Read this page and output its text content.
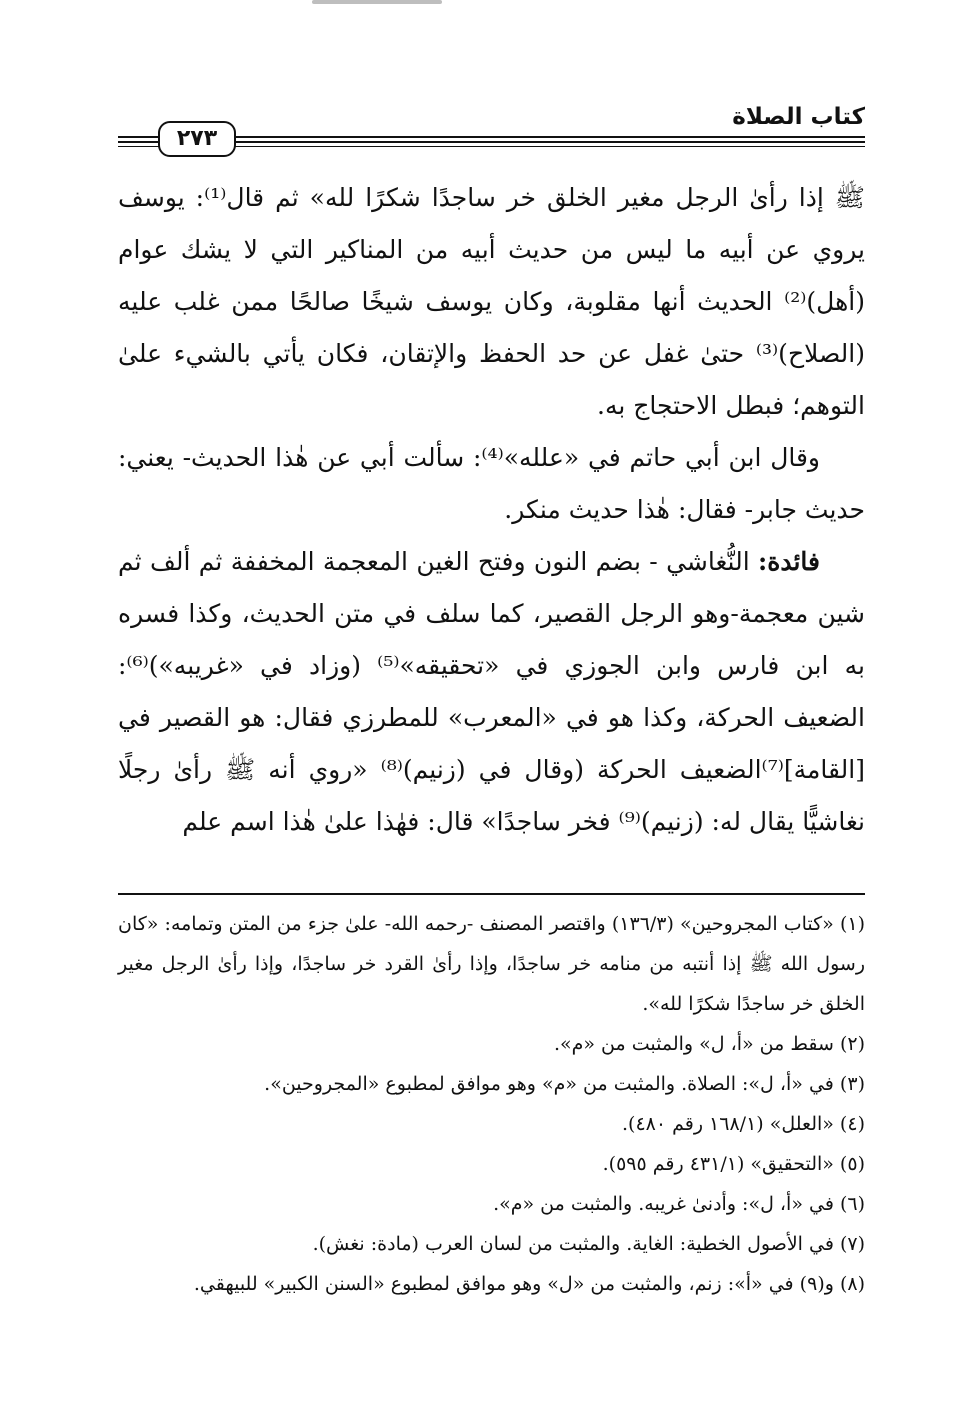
كتاب الصلاة
٢٧٣

ﷺ إذا رأىٰ الرجل مغير الخلق خر ساجدًا شكرًا لله» ثم قال⁽¹⁾: يوسف يروي عن أبيه ما ليس من حديث أبيه من المناكير التي لا يشك عوام (أهل)⁽²⁾ الحديث أنها مقلوبة، وكان يوسف شيخًا صالحًا ممن غلب عليه (الصلاح)⁽³⁾ حتىٰ غفل عن حد الحفظ والإتقان، فكان يأتي بالشيء علىٰ التوهم؛ فبطل الاحتجاج به.

وقال ابن أبي حاتم في «علله»⁽⁴⁾: سألت أبي عن هٰذا الحديث- يعني: حديث جابر- فقال: هٰذا حديث منكر.

فائدة: النُّغاشي - بضم النون وفتح الغين المعجمة المخففة ثم ألف ثم شين معجمة-وهو الرجل القصير، كما سلف في متن الحديث، وكذا فسره به ابن فارس وابن الجوزي في «تحقيقه»⁽⁵⁾ (وزاد في «غريبه»)⁽⁶⁾: الضعيف الحركة، وكذا هو في «المعرب» للمطرزي فقال: هو القصير في [القامة]⁽⁷⁾الضعيف الحركة (وقال في (زنيم)⁽⁸⁾ «روي أنه ﷺ رأىٰ رجلًا نغاشيًّا يقال له: (زنيم)⁽⁹⁾ فخر ساجدًا» قال: فهٰذا علىٰ هٰذا اسم علم

(١) «كتاب المجروحين» (١٣٦/٣) واقتصر المصنف -رحمه الله- علىٰ جزء من المتن وتمامه: «كان رسول الله ﷺ إذا أنتبه من منامه خر ساجدًا، وإذا رأىٰ القرد خر ساجدًا، وإذا رأىٰ الرجل مغير الخلق خر ساجدًا شكرًا لله».

(٢) سقط من «أ، ل» والمثبت من «م».

(٣) في «أ، ل»: الصلاة. والمثبت من «م» وهو موافق لمطبوع «المجروحين».

(٤) «العلل» (١٦٨/١ رقم ٤٨٠).

(٥) «التحقيق» (٤٣١/١ رقم ٥٩٥).

(٦) في «أ، ل»: وأدنىٰ غريبه. والمثبت من «م».

(٧) في الأصول الخطية: الغاية. والمثبت من لسان العرب (مادة: نغش).

(٨) و(٩) في «أ»: زنم، والمثبت من «ل» وهو موافق لمطبوع «السنن الكبير» للبيهقي.
